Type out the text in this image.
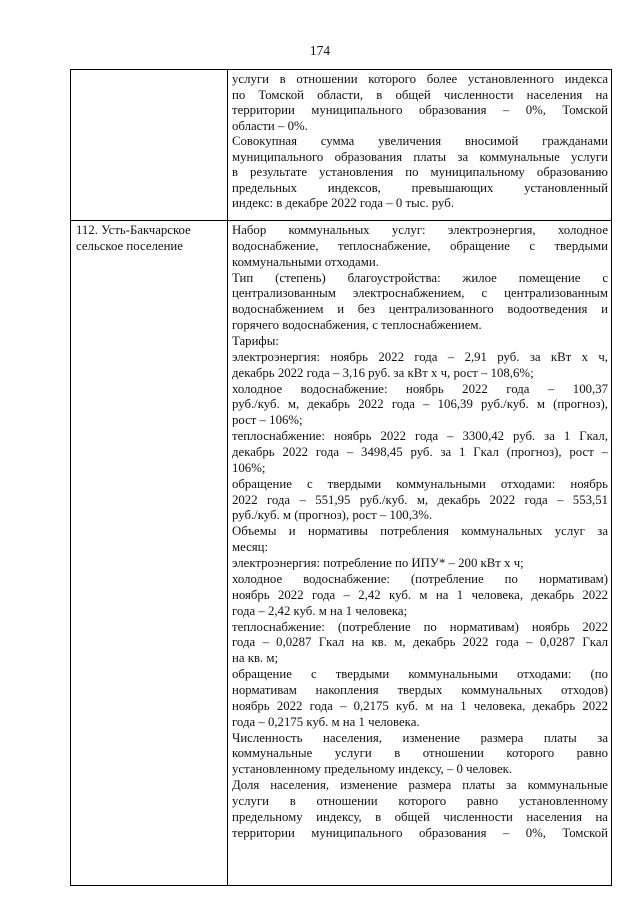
174
услуги в отношении которого более установленного индекса
по Томской области, в общей численности населения на
территории муниципального образования – 0%, Томской
области – 0%.
Совокупная сумма увеличения вносимой гражданами
муниципального образования платы за коммунальные услуги
в результате установления по муниципальному образованию
предельных индексов, превышающих установленный
индекс: в декабре 2022 года – 0 тыс. руб.
112. Усть-Бакчарское
сельское поселение
Набор коммунальных услуг: электроэнергия, холодное
водоснабжение, теплоснабжение, обращение с твердыми
коммунальными отходами.
Тип (степень) благоустройства: жилое помещение с
централизованным электроснабжением, с централизованным
водоснабжением и без централизованного водоотведения и
горячего водоснабжения, с теплоснабжением.
Тарифы:
электроэнергия: ноябрь 2022 года – 2,91 руб. за кВт х ч,
декабрь 2022 года – 3,16 руб. за кВт х ч, рост – 108,6%;
холодное водоснабжение: ноябрь 2022 года – 100,37
руб./куб. м, декабрь 2022 года – 106,39 руб./куб. м (прогноз),
рост – 106%;
теплоснабжение: ноябрь 2022 года – 3300,42 руб. за 1 Гкал,
декабрь 2022 года – 3498,45 руб. за 1 Гкал (прогноз), рост –
106%;
обращение с твердыми коммунальными отходами: ноябрь
2022 года – 551,95 руб./куб. м, декабрь 2022 года – 553,51
руб./куб. м (прогноз), рост – 100,3%.
Объемы и нормативы потребления коммунальных услуг за
месяц:
электроэнергия: потребление по ИПУ* – 200 кВт х ч;
холодное водоснабжение: (потребление по нормативам)
ноябрь 2022 года – 2,42 куб. м на 1 человека, декабрь 2022
года – 2,42 куб. м на 1 человека;
теплоснабжение: (потребление по нормативам) ноябрь 2022
года – 0,0287 Гкал на кв. м, декабрь 2022 года – 0,0287 Гкал
на кв. м;
обращение с твердыми коммунальными отходами: (по
нормативам накопления твердых коммунальных отходов)
ноябрь 2022 года – 0,2175 куб. м на 1 человека, декабрь 2022
года – 0,2175 куб. м на 1 человека.
Численность населения, изменение размера платы за
коммунальные услуги в отношении которого равно
установленному предельному индексу, – 0 человек.
Доля населения, изменение размера платы за коммунальные
услуги в отношении которого равно установленному
предельному индексу, в общей численности населения на
территории муниципального образования – 0%, Томской
